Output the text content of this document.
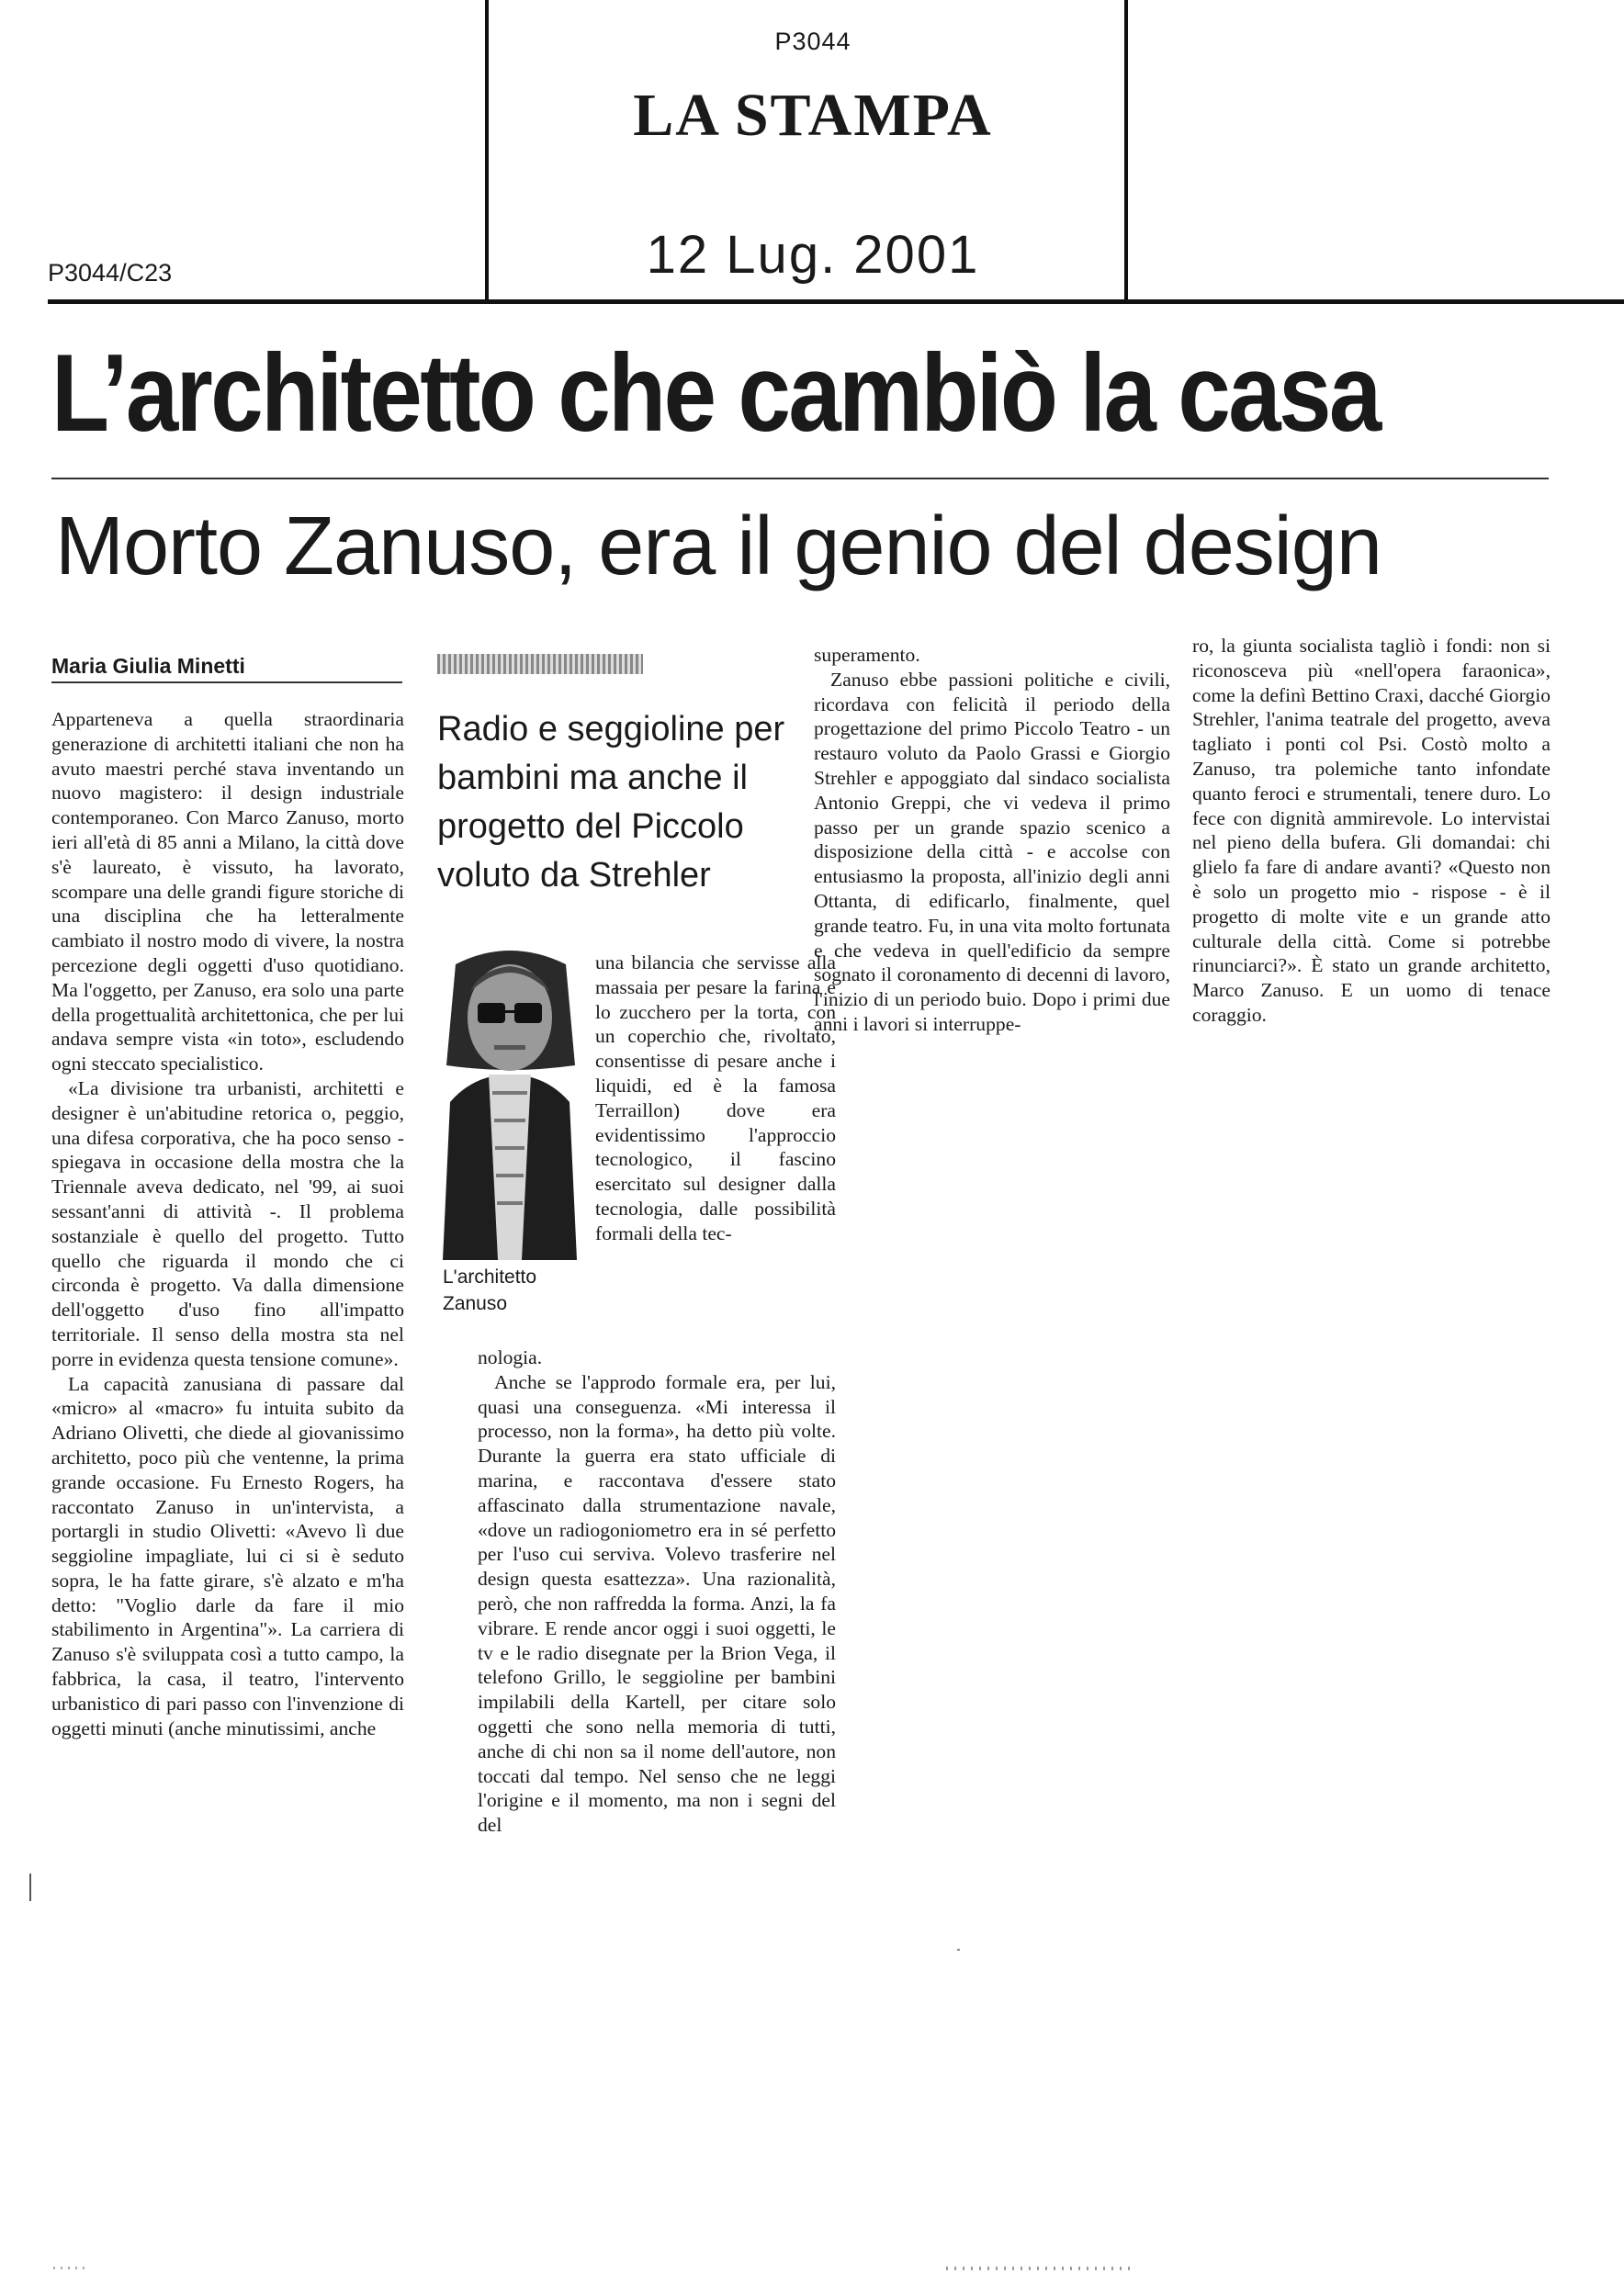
P3044
LA STAMPA
12 Lug. 2001
P3044/C23
L’architetto che cambiò la casa
Morto Zanuso, era il genio del design
Maria Giulia Minetti

Apparteneva a quella straordinaria generazione di architetti italiani che non ha avuto maestri perché stava inventando un nuovo magistero: il design industriale contemporaneo. Con Marco Zanuso, morto ieri all'età di 85 anni a Milano, la città dove s'è laureato, è vissuto, ha lavorato, scompare una delle grandi figure storiche di una disciplina che ha letteralmente cambiato il nostro modo di vivere, la nostra percezione degli oggetti d'uso quotidiano. Ma l'oggetto, per Zanuso, era solo una parte della progettualità architettonica, che per lui andava sempre vista «in toto», escludendo ogni steccato specialistico.

«La divisione tra urbanisti, architetti e designer è un'abitudine retorica o, peggio, una difesa corporativa, che ha poco senso - spiegava in occasione della mostra che la Triennale aveva dedicato, nel '99, ai suoi sessant'anni di attività -. Il problema sostanziale è quello del progetto. Tutto quello che riguarda il mondo che ci circonda è progetto. Va dalla dimensione dell'oggetto d'uso fino all'impatto territoriale. Il senso della mostra sta nel porre in evidenza questa tensione comune».

La capacità zanusiana di passare dal «micro» al «macro» fu intuita subito da Adriano Olivetti, che diede al giovanissimo architetto, poco più che ventenne, la prima grande occasione. Fu Ernesto Rogers, ha raccontato Zanuso in un'intervista, a portargli in studio Olivetti: «Avevo lì due seggioline impagliate, lui ci si è seduto sopra, le ha fatte girare, s'è alzato e m'ha detto: "Voglio darle da fare il mio stabilimento in Argentina"». La carriera di Zanuso s'è sviluppata così a tutto campo, la fabbrica, la casa, il teatro, l'intervento urbanistico di pari passo con l'invenzione di oggetti minuti (anche minutissimi, anche

Radio e seggioline per bambini ma anche il progetto del Piccolo voluto da Strehler
L'architetto Zanuso

una bilancia che servisse alla massaia per pesare la farina e lo zucchero per la torta, con un coperchio che, rivoltato, consentisse di pesare anche i liquidi, ed è la famosa Terraillon) dove era evidentissimo l'approccio tecnologico, il fascino esercitato sul designer dalla tecnologia, dalle possibilità formali della tec-

nologia.

Anche se l'approdo formale era, per lui, quasi una conseguenza. «Mi interessa il processo, non la forma», ha detto più volte. Durante la guerra era stato ufficiale di marina, e raccontava d'essere stato affascinato dalla strumentazione navale, «dove un radiogoniometro era in sé perfetto per l'uso cui serviva. Volevo trasferire nel design questa esattezza». Una razionalità, però, che non raffredda la forma. Anzi, la fa vibrare. E rende ancor oggi i suoi oggetti, le tv e le radio disegnate per la Brion Vega, il telefono Grillo, le seggioline per bambini impilabili della Kartell, per citare solo oggetti che sono nella memoria di tutti, anche di chi non sa il nome dell'autore, non toccati dal tempo. Nel senso che ne leggi l'origine e il momento, ma non i segni del del

superamento.

Zanuso ebbe passioni politiche e civili, ricordava con felicità il periodo della progettazione del primo Piccolo Teatro - un restauro voluto da Paolo Grassi e Giorgio Strehler e appoggiato dal sindaco socialista Antonio Greppi, che vi vedeva il primo passo per un grande spazio scenico a disposizione della città - e accolse con entusiasmo la proposta, all'inizio degli anni Ottanta, di edificarlo, finalmente, quel grande teatro. Fu, in una vita molto fortunata e che vedeva in quell'edificio da sempre sognato il coronamento di decenni di lavoro, l'inizio di un periodo buio. Dopo i primi due anni i lavori si interruppe-

ro, la giunta socialista tagliò i fondi: non si riconosceva più «nell'opera faraonica», come la definì Bettino Craxi, dacché Giorgio Strehler, l'anima teatrale del progetto, aveva tagliato i ponti col Psi. Costò molto a Zanuso, tra polemiche tanto infondate quanto feroci e strumentali, tenere duro. Lo fece con dignità ammirevole. Lo intervistai nel pieno della bufera. Gli domandai: chi glielo fa fare di andare avanti? «Questo non è solo un progetto mio - rispose - è il progetto di molte vite e un grande atto culturale della città. Come si potrebbe rinunciarci?». È stato un grande architetto, Marco Zanuso. E un uomo di tenace coraggio.
